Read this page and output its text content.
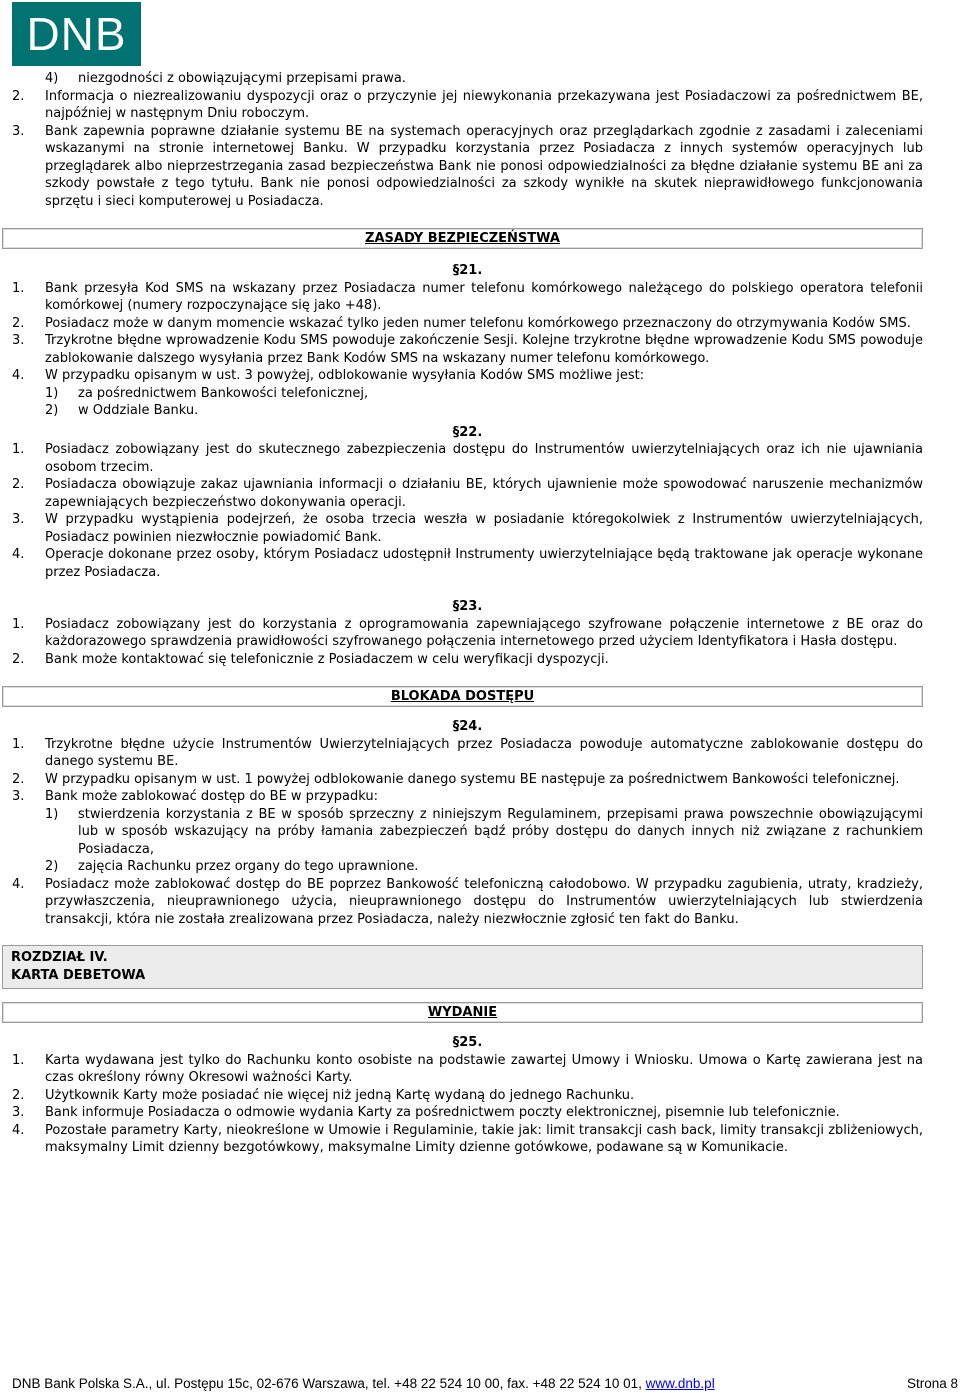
DNB
4)	niezgodności z obowiązującymi przepisami prawa.
2.	Informacja o niezrealizowaniu dyspozycji oraz o przyczynie jej niewykonania przekazywana jest Posiadaczowi za pośrednictwem BE, najpóźniej w następnym Dniu roboczym.
3.	Bank zapewnia poprawne działanie systemu BE na systemach operacyjnych oraz przeglądarkach zgodnie z zasadami i zaleceniami wskazanymi na stronie internetowej Banku. W przypadku korzystania przez Posiadacza z innych systemów operacyjnych lub przeglądarek albo nieprzestrzegania zasad bezpieczeństwa Bank nie ponosi odpowiedzialności za błędne działanie systemu BE ani za szkody powstałe z tego tytułu. Bank nie ponosi odpowiedzialności za szkody wynikłe na skutek nieprawidłowego funkcjonowania sprzętu i sieci komputerowej u Posiadacza.
ZASADY BEZPIECZEŃSTWA
§21.
1.	Bank przesyła Kod SMS na wskazany przez Posiadacza numer telefonu komórkowego należącego do polskiego operatora telefonii komórkowej (numery rozpoczynające się jako +48).
2.	Posiadacz może w danym momencie wskazać tylko jeden numer telefonu komórkowego przeznaczony do otrzymywania Kodów SMS.
3.	Trzykrotne błędne wprowadzenie Kodu SMS powoduje zakończenie Sesji. Kolejne trzykrotne błędne wprowadzenie Kodu SMS powoduje zablokowanie dalszego wysyłania przez Bank Kodów SMS na wskazany numer telefonu komórkowego.
4.	W przypadku opisanym w ust. 3 powyżej, odblokowanie wysyłania Kodów SMS możliwe jest:
1)	za pośrednictwem Bankowości telefonicznej,
2)	w Oddziale Banku.
§22.
1.	Posiadacz zobowiązany jest do skutecznego zabezpieczenia dostępu do Instrumentów uwierzytelniających oraz ich nie ujawniania osobom trzecim.
2.	Posiadacza obowiązuje zakaz ujawniania informacji o działaniu BE, których ujawnienie może spowodować naruszenie mechanizmów zapewniających bezpieczeństwo dokonywania operacji.
3.	W przypadku wystąpienia podejrzeń, że osoba trzecia weszła w posiadanie któregokolwiek z Instrumentów uwierzytelniających, Posiadacz powinien niezwłocznie powiadomić Bank.
4.	Operacje dokonane przez osoby, którym Posiadacz udostępnił Instrumenty uwierzytelniające będą traktowane jak operacje wykonane przez Posiadacza.
§23.
1.	Posiadacz zobowiązany jest do korzystania z oprogramowania zapewniającego szyfrowane połączenie internetowe z BE oraz do każdorazowego sprawdzenia prawidłowości szyfrowanego połączenia internetowego przed użyciem Identyfikatora i Hasła dostępu.
2.	Bank może kontaktować się telefonicznie z Posiadaczem w celu weryfikacji dyspozycji.
BLOKADA DOSTĘPU
§24.
1.	Trzykrotne błędne użycie Instrumentów Uwierzytelniających przez Posiadacza powoduje automatyczne zablokowanie dostępu do danego systemu BE.
2.	W przypadku opisanym w ust. 1 powyżej odblokowanie danego systemu BE następuje za pośrednictwem Bankowości telefonicznej.
3.	Bank może zablokować dostęp do BE w przypadku:
1)	stwierdzenia korzystania z BE w sposób sprzeczny z niniejszym Regulaminem, przepisami prawa powszechnie obowiązującymi lub w sposób wskazujący na próby łamania zabezpieczeń bądź próby dostępu do danych innych niż związane z rachunkiem Posiadacza,
2)	zajęcia Rachunku przez organy do tego uprawnione.
4.	Posiadacz może zablokować dostęp do BE poprzez Bankowość telefoniczną całodobowo. W przypadku zagubienia, utraty, kradzieży, przywłaszczenia, nieuprawnionego użycia, nieuprawnionego dostępu do Instrumentów uwierzytelniających lub stwierdzenia transakcji, która nie została zrealizowana przez Posiadacza, należy niezwłocznie zgłosić ten fakt do Banku.
ROZDZIAŁ IV.
KARTA DEBETOWA
WYDANIE
§25.
1.	Karta wydawana jest tylko do Rachunku konto osobiste na podstawie zawartej Umowy i Wniosku. Umowa o Kartę zawierana jest na czas określony równy Okresowi ważności Karty.
2.	Użytkownik Karty może posiadać nie więcej niż jedną Kartę wydaną do jednego Rachunku.
3.	Bank informuje Posiadacza o odmowie wydania Karty za pośrednictwem poczty elektronicznej, pisemnie lub telefonicznie.
4.	Pozostałe parametry Karty, nieokreślone w Umowie i Regulaminie, takie jak: limit transakcji cash back, limity transakcji zbliżeniowych, maksymalny Limit dzienny bezgotówkowy, maksymalne Limity dzienne gotówkowe, podawane są w Komunikacie.
DNB Bank Polska S.A., ul. Postępu 15c, 02-676 Warszawa, tel. +48 22 524 10 00, fax. +48 22 524 10 01, www.dnb.pl	Strona 8
